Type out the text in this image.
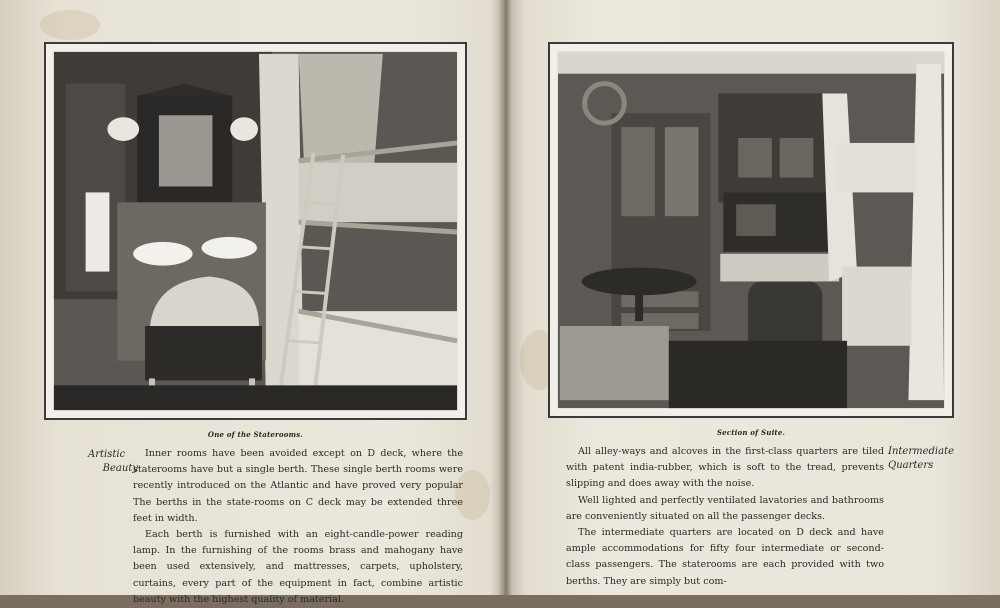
One of the Staterooms.
Artistic
Beauty

Inner rooms have been avoided except on D deck, where the staterooms have but a single berth. These single berth rooms were recently introduced on the Atlantic and have proved very popular The berths in the state-rooms on C deck may be extended three feet in width.

Each berth is furnished with an eight-candle-power reading lamp. In the furnishing of the rooms brass and mahogany have been used extensively, and mattresses, carpets, upholstery, curtains, every part of the equipment in fact, combine artistic beauty with the highest quality of material.

Section of Suite.

All alley-ways and alcoves in the first-class quarters are tiled with patent india-rubber, which is soft to the tread, prevents slipping and does away with the noise.

Well lighted and perfectly ventilated lavatories and bathrooms are conveniently situated on all the passenger decks.

The intermediate quarters are located on D deck and have ample accommodations for fifty four intermediate or second-class passengers. The staterooms are each provided with two berths. They are simply but com-

Intermediate
Quarters
